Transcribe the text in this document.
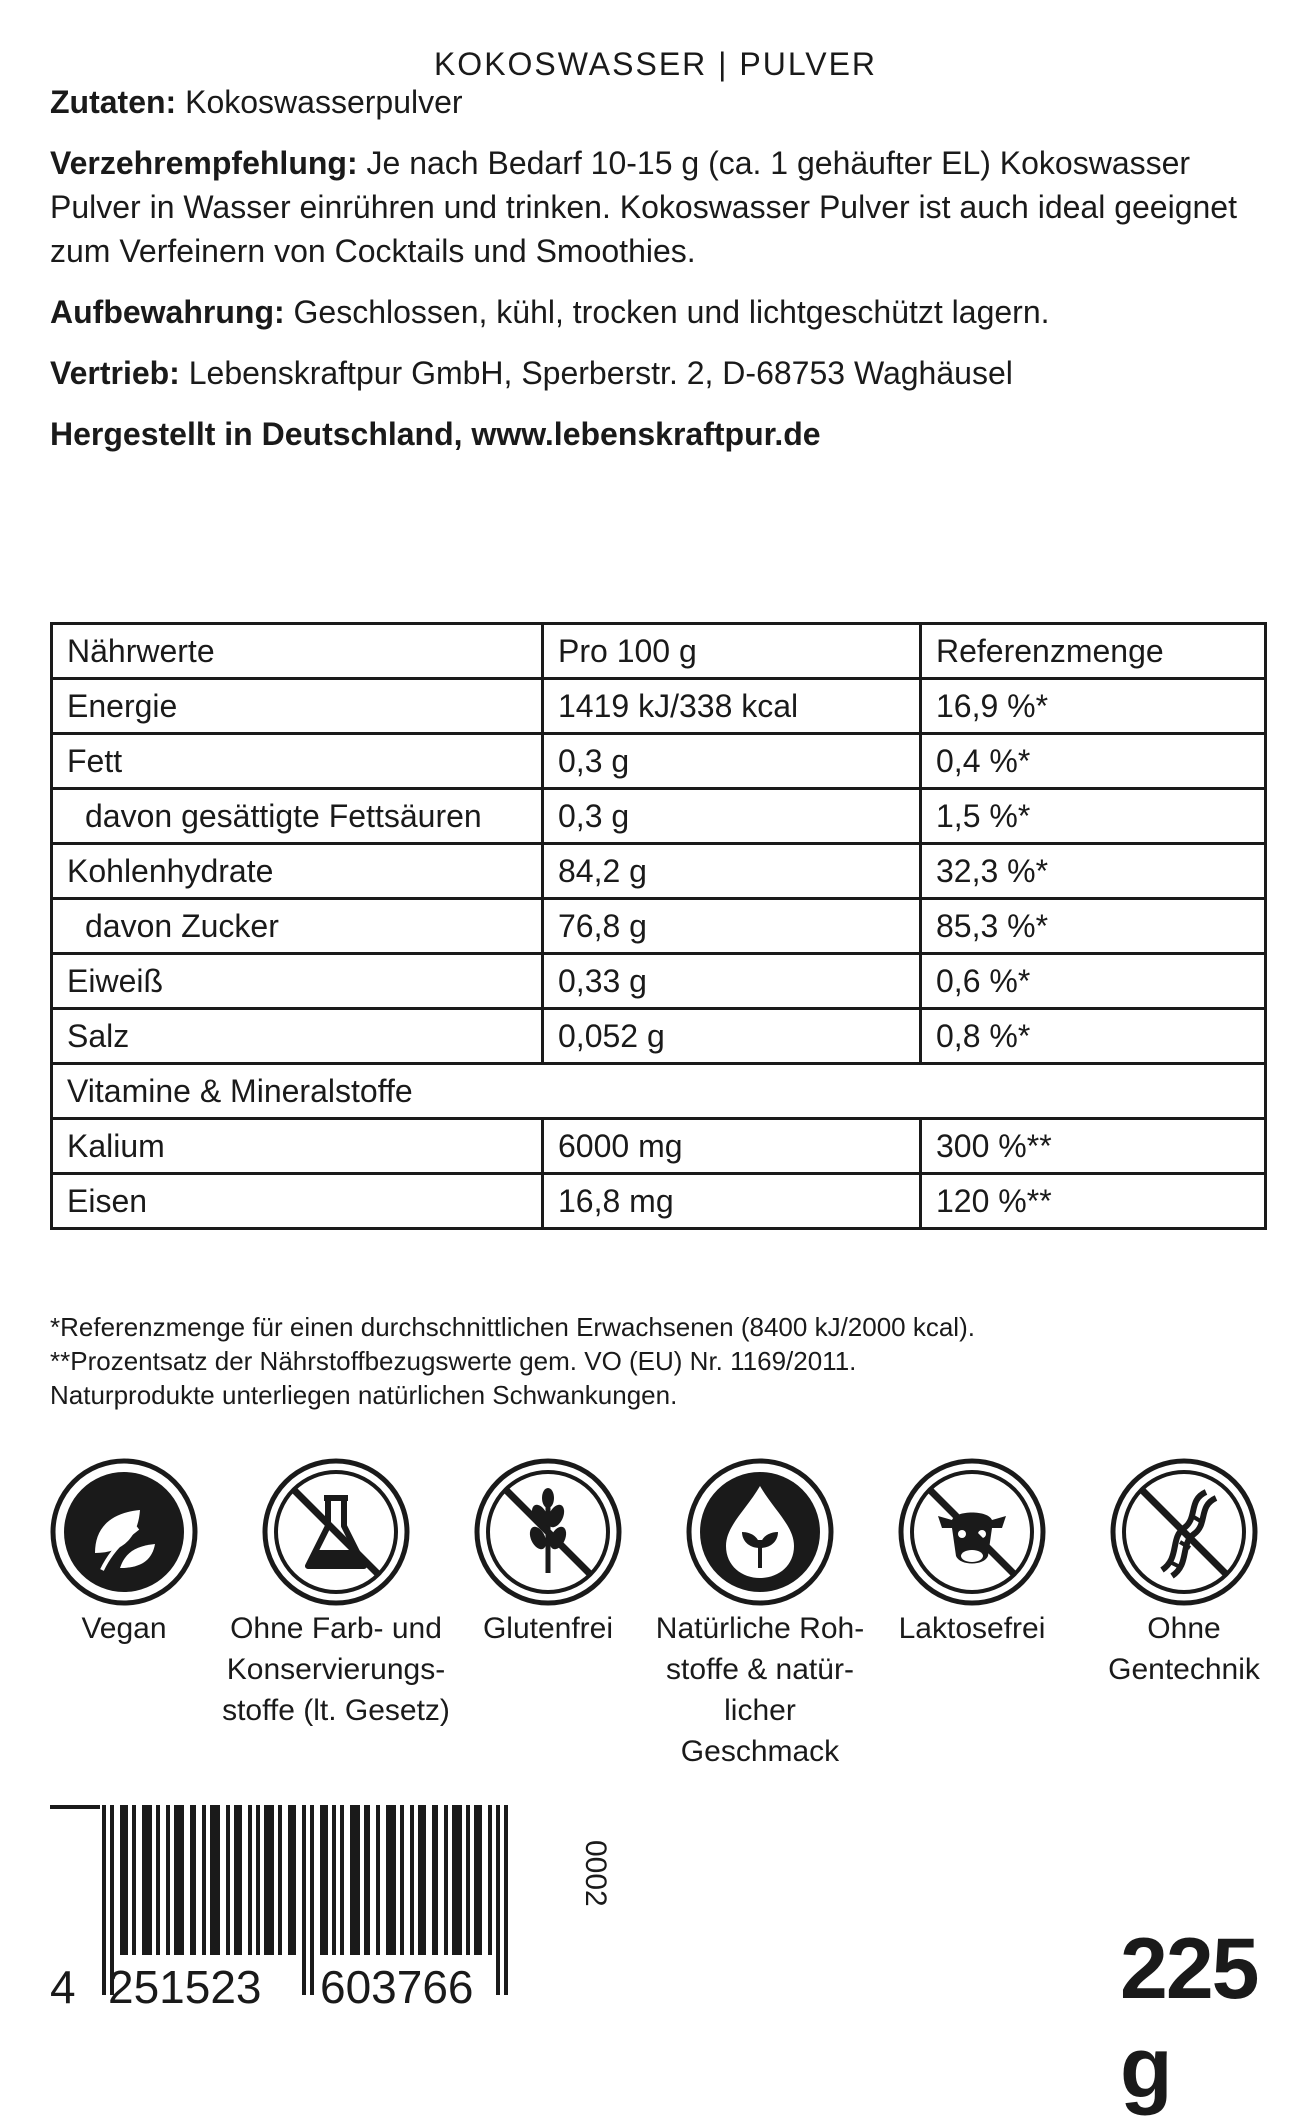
KOKOSWASSER | PULVER

Zutaten: Kokoswasserpulver

Verzehrempfehlung: Je nach Bedarf 10-15 g (ca. 1 gehäufter EL) Kokoswasser Pulver in Wasser einrühren und trinken. Kokoswasser Pulver ist auch ideal geeignet zum Verfeinern von Cocktails und Smoothies.

Aufbewahrung: Geschlossen, kühl, trocken und lichtgeschützt lagern.

Vertrieb: Lebenskraftpur GmbH, Sperberstr. 2, D-68753 Waghäusel

Hergestellt in Deutschland, www.lebenskraftpur.de

Nährwerte	Pro 100 g	Referenzmenge
Energie	1419 kJ/338 kcal	16,9 %*
Fett	0,3 g	0,4 %*
davon gesättigte Fettsäuren	0,3 g	1,5 %*
Kohlenhydrate	84,2 g	32,3 %*
davon Zucker	76,8 g	85,3 %*
Eiweiß	0,33 g	0,6 %*
Salz	0,052 g	0,8 %*
Vitamine & Mineralstoffe		
Kalium	6000 mg	300 %**
Eisen	16,8 mg	120 %**
*Referenzmenge für einen durchschnittlichen Erwachsenen (8400 kJ/2000 kcal).
**Prozentsatz der Nährstoffbezugswerte gem. VO (EU) Nr. 1169/2011.
Naturprodukte unterliegen natürlichen Schwankungen.
Vegan	Ohne Farb- und
Konservierungs-
stoffe (lt. Gesetz)
Glutenfrei	Natürliche Roh-
stoffe & natür-
licher Geschmack
Laktosefrei	Ohne
Gentechnik
4 251523 603766
0002
225 g
